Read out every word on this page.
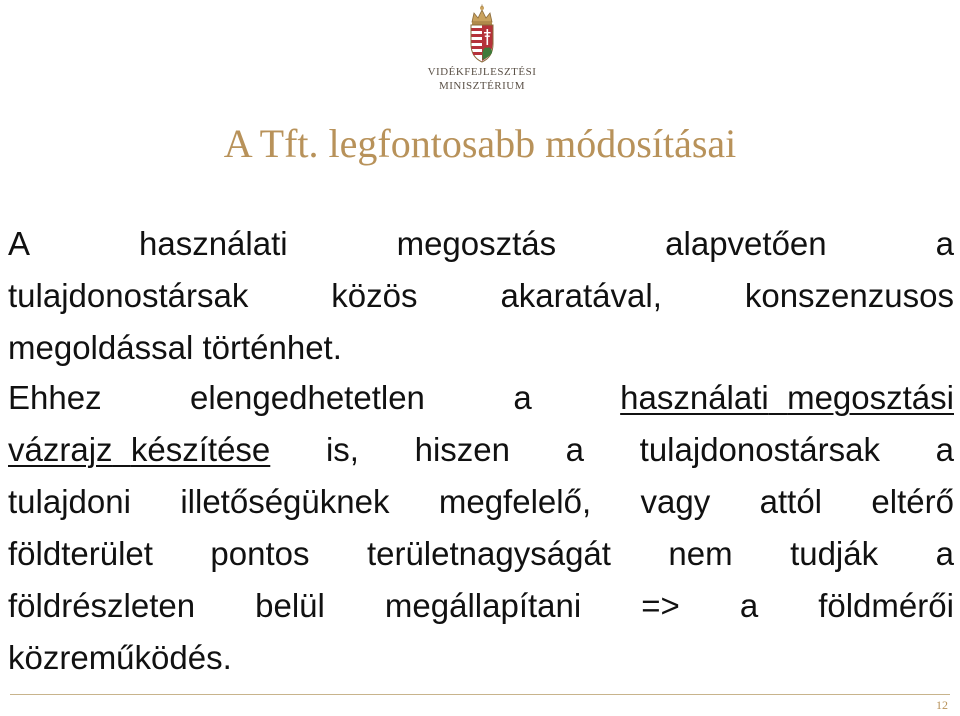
VIDÉKFEJLESZTÉSI
MINISZTÉRIUM
A Tft. legfontosabb módosításai
A	használati	megosztás	alapvetően	a
tulajdonostársak	közös	akaratával,	konszenzusos
megoldással
történhet.
Ehhez	elengedhetetlen	a	használati megosztási
vázrajz készítése is, hiszen a tulajdonostársak a
tulajdoni illetőségüknek megfelelő, vagy attól eltérő
földterület pontos területnagyságát nem tudják a
földrészleten belül megállapítani => a földmérői
közreműködés.
12
